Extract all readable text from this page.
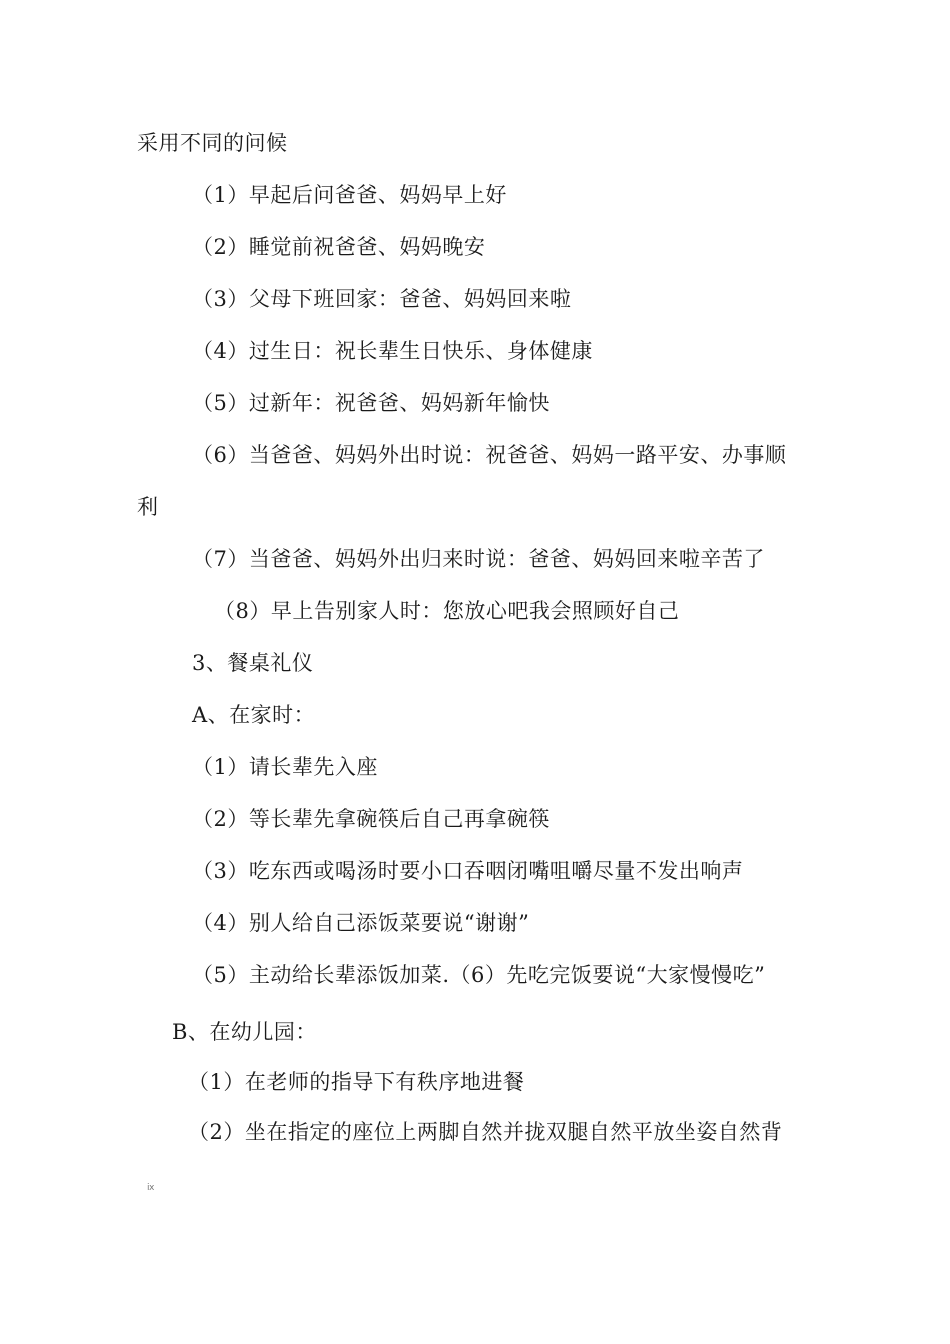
采用不同的问候
（1）早起后问爸爸、妈妈早上好
（2）睡觉前祝爸爸、妈妈晚安
（3）父母下班回家：爸爸、妈妈回来啦
（4）过生日：祝长辈生日快乐、身体健康
（5）过新年：祝爸爸、妈妈新年愉快
（6）当爸爸、妈妈外出时说：祝爸爸、妈妈一路平安、办事顺
利
（7）当爸爸、妈妈外出归来时说：爸爸、妈妈回来啦辛苦了
（8）早上告别家人时：您放心吧我会照顾好自己
3、餐桌礼仪
A、在家时：
（1）请长辈先入座
（2）等长辈先拿碗筷后自己再拿碗筷
（3）吃东西或喝汤时要小口吞咽闭嘴咀嚼尽量不发出响声
（4）别人给自己添饭菜要说“谢谢”
（5）主动给长辈添饭加菜.（6）先吃完饭要说“大家慢慢吃”
B、在幼儿园：
（1）在老师的指导下有秩序地进餐
（2）坐在指定的座位上两脚自然并拢双腿自然平放坐姿自然背
ⅸ
